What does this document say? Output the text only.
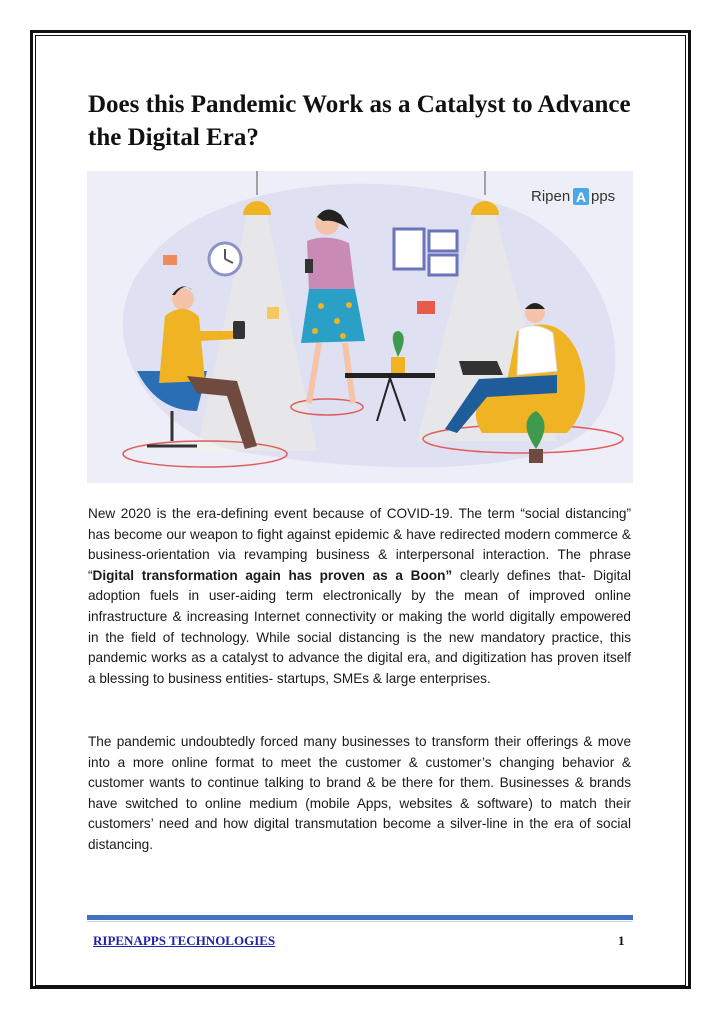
Does this Pandemic Work as a Catalyst to Advance the Digital Era?
Ripen A pps

New 2020 is the era-defining event because of COVID-19. The term “social distancing” has become our weapon to fight against epidemic & have redirected modern commerce & business-orientation via revamping business & interpersonal interaction. The phrase “Digital transformation again has proven as a Boon” clearly defines that- Digital adoption fuels in user-aiding term electronically by the mean of improved online infrastructure & increasing Internet connectivity or making the world digitally empowered in the field of technology. While social distancing is the new mandatory practice, this pandemic works as a catalyst to advance the digital era, and digitization has proven itself a blessing to business entities- startups, SMEs & large enterprises.

The pandemic undoubtedly forced many businesses to transform their offerings & move into a more online format to meet the customer & customer’s changing behavior & customer wants to continue talking to brand & be there for them. Businesses & brands have switched to online medium (mobile Apps, websites & software) to match their customers’ need and how digital transmutation become a silver-line in the era of social distancing.

RIPENAPPS TECHNOLOGIES	1
